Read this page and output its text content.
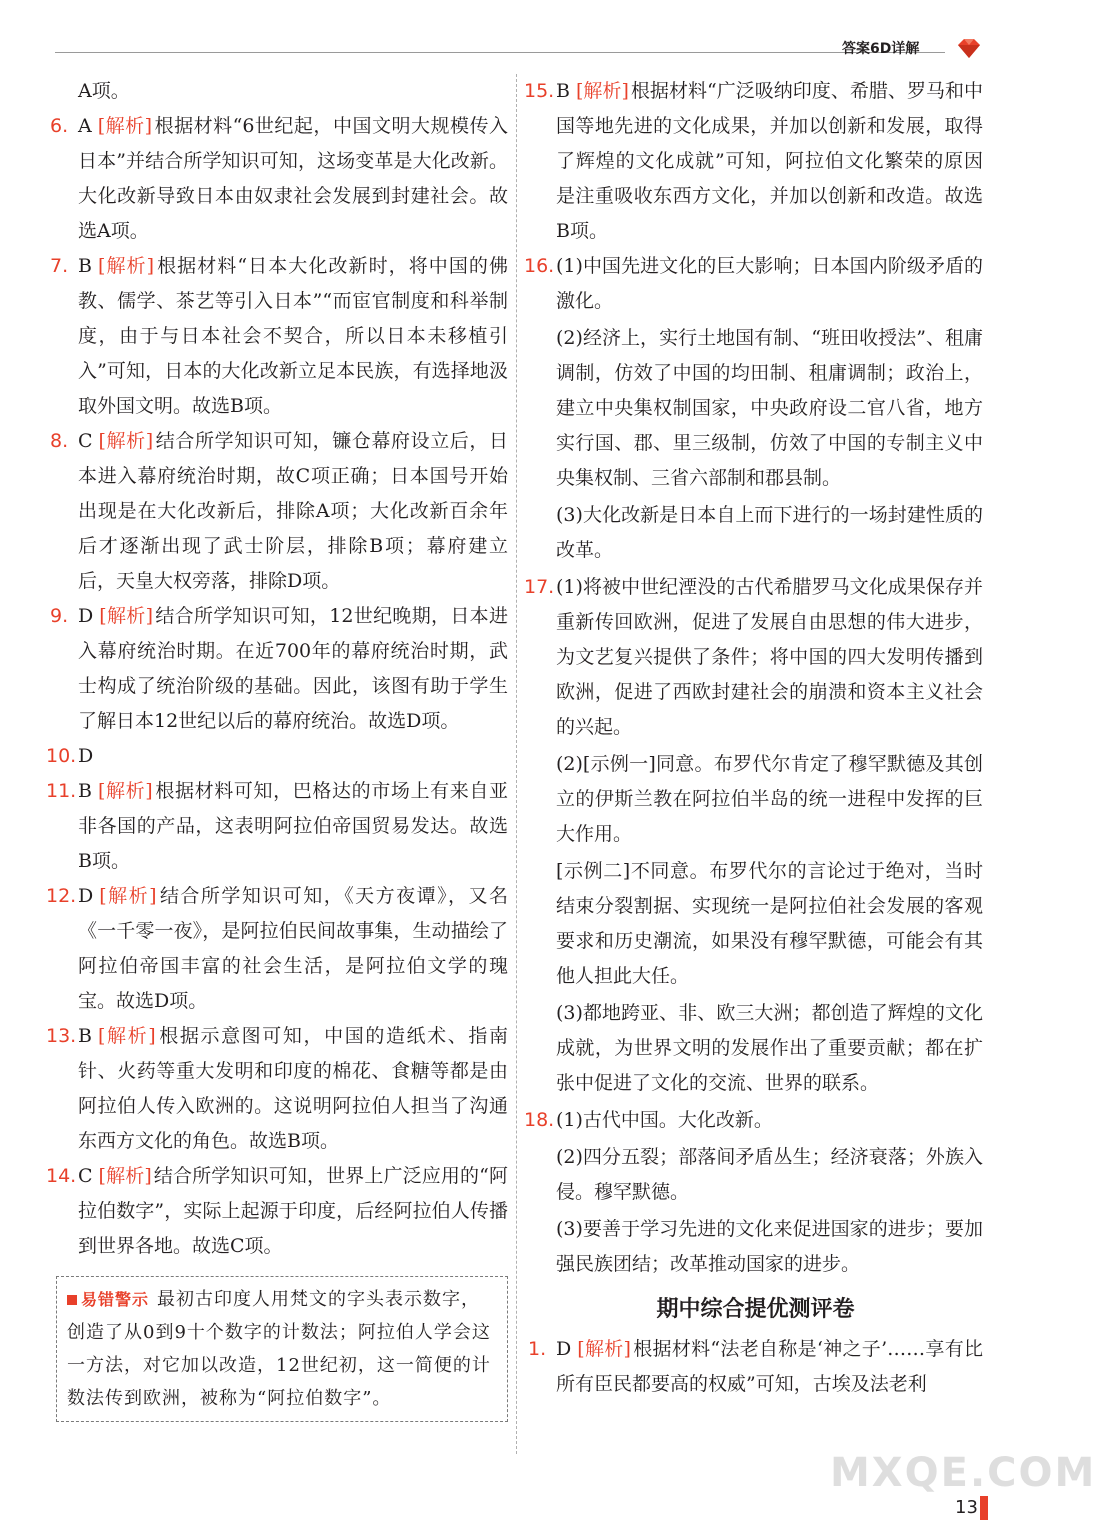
答案6D详解

A项。

6. A [解析] 根据材料“6世纪起，中国文明大规模传入日本”并结合所学知识可知，这场变革是大化改新。大化改新导致日本由奴隶社会发展到封建社会。故选A项。
7. B [解析] 根据材料“日本大化改新时，将中国的佛教、儒学、茶艺等引入日本”“而宦官制度和科举制度，由于与日本社会不契合，所以日本未移植引入”可知，日本的大化改新立足本民族，有选择地汲取外国文明。故选B项。
8. C [解析] 结合所学知识可知，镰仓幕府设立后，日本进入幕府统治时期，故C项正确；日本国号开始出现是在大化改新后，排除A项；大化改新百余年后才逐渐出现了武士阶层，排除B项；幕府建立后，天皇大权旁落，排除D项。
9. D [解析] 结合所学知识可知，12世纪晚期，日本进入幕府统治时期。在近700年的幕府统治时期，武士构成了统治阶级的基础。因此，该图有助于学生了解日本12世纪以后的幕府统治。故选D项。
10. D
11. B [解析] 根据材料可知，巴格达的市场上有来自亚非各国的产品，这表明阿拉伯帝国贸易发达。故选B项。
12. D [解析] 结合所学知识可知，《天方夜谭》，又名《一千零一夜》，是阿拉伯民间故事集，生动描绘了阿拉伯帝国丰富的社会生活，是阿拉伯文学的瑰宝。故选D项。
13. B [解析] 根据示意图可知，中国的造纸术、指南针、火药等重大发明和印度的棉花、食糖等都是由阿拉伯人传入欧洲的。这说明阿拉伯人担当了沟通东西方文化的角色。故选B项。
14. C [解析] 结合所学知识可知，世界上广泛应用的“阿拉伯数字”，实际上起源于印度，后经阿拉伯人传播到世界各地。故选C项。
易错警示 最初古印度人用梵文的字头表示数字，创造了从0到9十个数字的计数法；阿拉伯人学会这一方法，对它加以改造，12世纪初，这一简便的计数法传到欧洲，被称为“阿拉伯数字”。
15. B [解析] 根据材料“广泛吸纳印度、希腊、罗马和中国等地先进的文化成果，并加以创新和发展，取得了辉煌的文化成就”可知，阿拉伯文化繁荣的原因是注重吸收东西方文化，并加以创新和改造。故选B项。
16. (1)中国先进文化的巨大影响；日本国内阶级矛盾的激化。

(2)经济上，实行土地国有制、“班田收授法”、租庸调制，仿效了中国的均田制、租庸调制；政治上，建立中央集权制国家，中央政府设二官八省，地方实行国、郡、里三级制，仿效了中国的专制主义中央集权制、三省六部制和郡县制。

(3)大化改新是日本自上而下进行的一场封建性质的改革。

17. (1)将被中世纪湮没的古代希腊罗马文化成果保存并重新传回欧洲，促进了发展自由思想的伟大进步，为文艺复兴提供了条件；将中国的四大发明传播到欧洲，促进了西欧封建社会的崩溃和资本主义社会的兴起。

(2)[示例一]同意。布罗代尔肯定了穆罕默德及其创立的伊斯兰教在阿拉伯半岛的统一进程中发挥的巨大作用。

[示例二]不同意。布罗代尔的言论过于绝对，当时结束分裂割据、实现统一是阿拉伯社会发展的客观要求和历史潮流，如果没有穆罕默德，可能会有其他人担此大任。

(3)都地跨亚、非、欧三大洲；都创造了辉煌的文化成就，为世界文明的发展作出了重要贡献；都在扩张中促进了文化的交流、世界的联系。

18. (1)古代中国。大化改新。

(2)四分五裂；部落间矛盾丛生；经济衰落；外族入侵。穆罕默德。

(3)要善于学习先进的文化来促进国家的进步；要加强民族团结；改革推动国家的进步。

期中综合提优测评卷
1. D [解析] 根据材料“法老自称是‘神之子’……享有比所有臣民都要高的权威”可知，古埃及法老利
MXQE.COM
13
